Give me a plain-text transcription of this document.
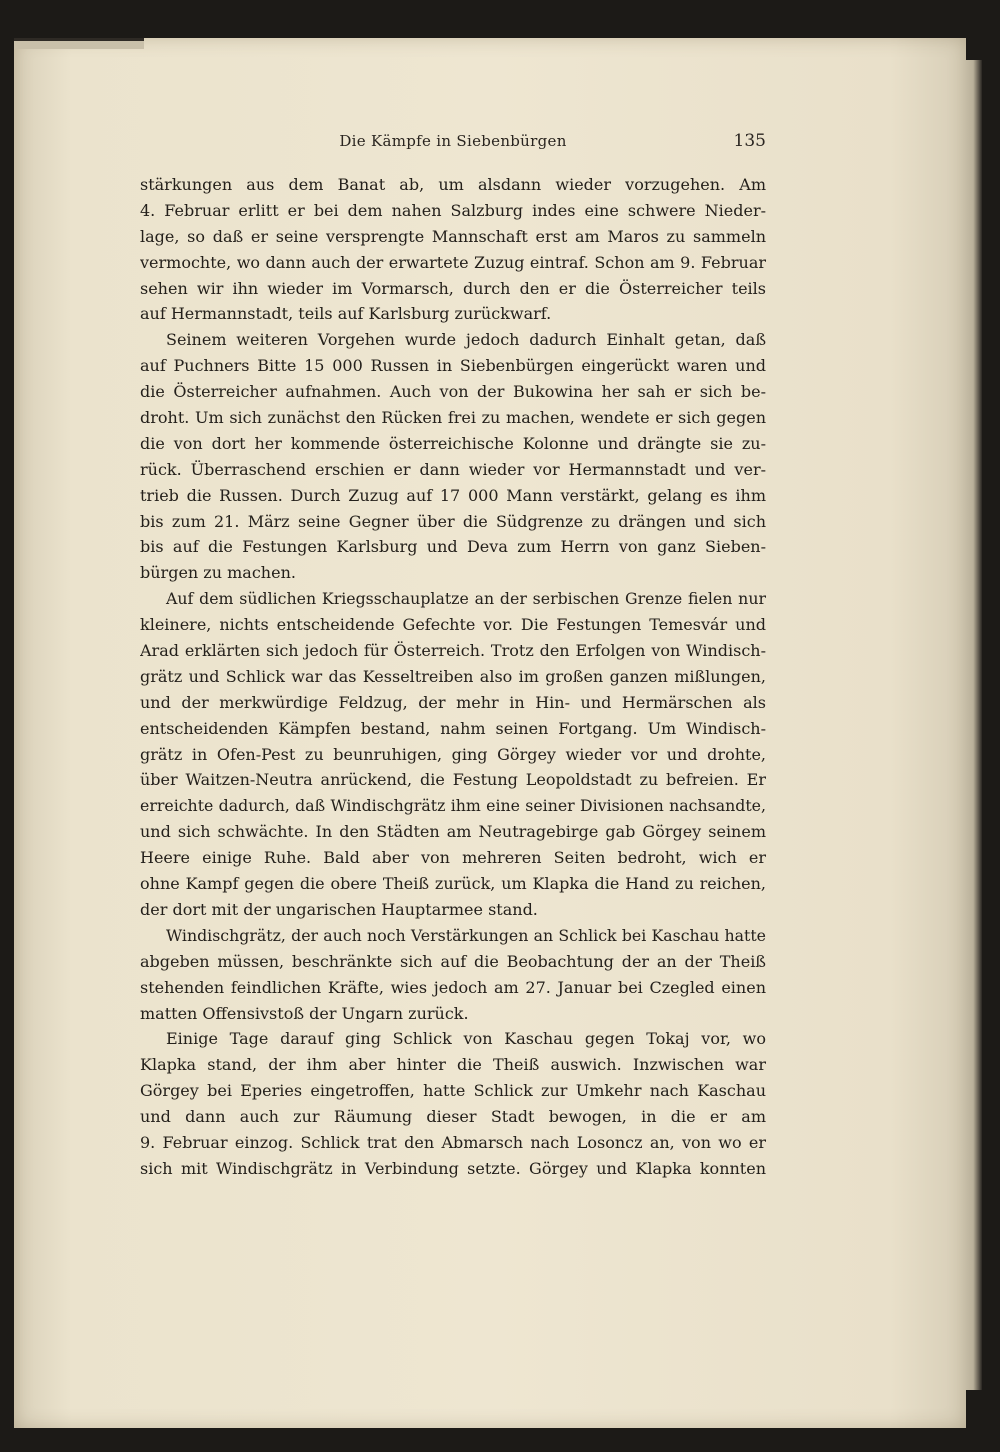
Die Kämpfe in Siebenbürgen	135
stärkungen aus dem Banat ab, um alsdann wieder vorzugehen. Am
4. Februar erlitt er bei dem nahen Salzburg indes eine schwere Nieder-
lage, so daß er seine versprengte Mannschaft erst am Maros zu sammeln
vermochte, wo dann auch der erwartete Zuzug eintraf. Schon am 9. Februar
sehen wir ihn wieder im Vormarsch, durch den er die Österreicher teils
auf Hermannstadt, teils auf Karlsburg zurückwarf.
Seinem weiteren Vorgehen wurde jedoch dadurch Einhalt getan, daß
auf Puchners Bitte 15 000 Russen in Siebenbürgen eingerückt waren und
die Österreicher aufnahmen. Auch von der Bukowina her sah er sich be-
droht. Um sich zunächst den Rücken frei zu machen, wendete er sich gegen
die von dort her kommende österreichische Kolonne und drängte sie zu-
rück. Überraschend erschien er dann wieder vor Hermannstadt und ver-
trieb die Russen. Durch Zuzug auf 17 000 Mann verstärkt, gelang es ihm
bis zum 21. März seine Gegner über die Südgrenze zu drängen und sich
bis auf die Festungen Karlsburg und Deva zum Herrn von ganz Sieben-
bürgen zu machen.
Auf dem südlichen Kriegsschauplatze an der serbischen Grenze fielen nur
kleinere, nichts entscheidende Gefechte vor. Die Festungen Temesvár und
Arad erklärten sich jedoch für Österreich. Trotz den Erfolgen von Windisch-
grätz und Schlick war das Kesseltreiben also im großen ganzen mißlungen,
und der merkwürdige Feldzug, der mehr in Hin- und Hermärschen als
entscheidenden Kämpfen bestand, nahm seinen Fortgang. Um Windisch-
grätz in Ofen-Pest zu beunruhigen, ging Görgey wieder vor und drohte,
über Waitzen-Neutra anrückend, die Festung Leopoldstadt zu befreien. Er
erreichte dadurch, daß Windischgrätz ihm eine seiner Divisionen nachsandte,
und sich schwächte. In den Städten am Neutragebirge gab Görgey seinem
Heere einige Ruhe. Bald aber von mehreren Seiten bedroht, wich er
ohne Kampf gegen die obere Theiß zurück, um Klapka die Hand zu reichen,
der dort mit der ungarischen Hauptarmee stand.
Windischgrätz, der auch noch Verstärkungen an Schlick bei Kaschau hatte
abgeben müssen, beschränkte sich auf die Beobachtung der an der Theiß
stehenden feindlichen Kräfte, wies jedoch am 27. Januar bei Czegled einen
matten Offensivstoß der Ungarn zurück.
Einige Tage darauf ging Schlick von Kaschau gegen Tokaj vor, wo
Klapka stand, der ihm aber hinter die Theiß auswich. Inzwischen war
Görgey bei Eperies eingetroffen, hatte Schlick zur Umkehr nach Kaschau
und dann auch zur Räumung dieser Stadt bewogen, in die er am
9. Februar einzog. Schlick trat den Abmarsch nach Losoncz an, von wo er
sich mit Windischgrätz in Verbindung setzte. Görgey und Klapka konnten
